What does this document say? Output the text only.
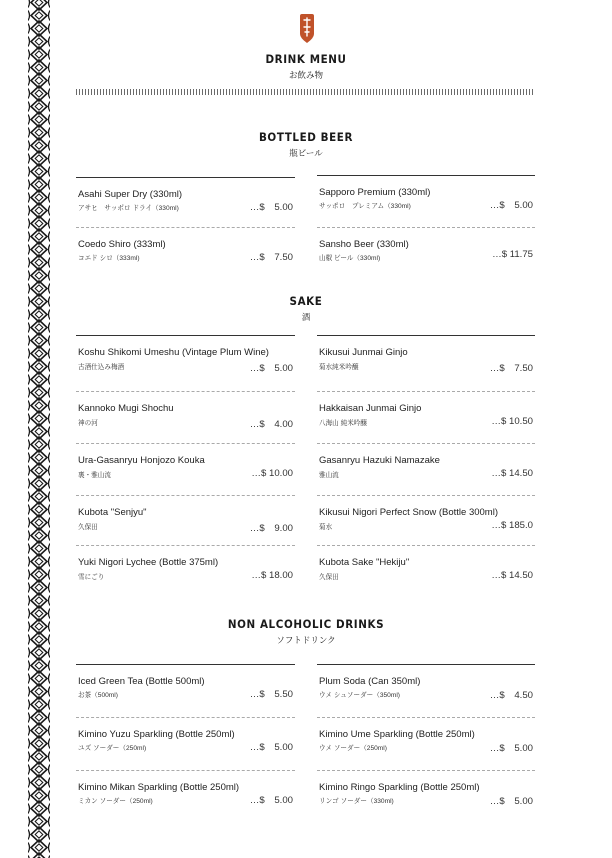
DRINK MENU
お飲み物
BOTTLED BEER
瓶ビール
Asahi Super Dry (330ml)
アサヒ　サッポロ ドライ（330ml)	…$　5.00
Coedo Shiro (333ml)
コエド シロ（333ml)	…$　7.50
Sapporo Premium (330ml)
サッポロ　プレミアム（330ml)	…$　5.00
Sansho Beer (330ml)
山椒 ビール（330ml)	…$ 11.75
SAKE
酒
Koshu Shikomi Umeshu (Vintage Plum Wine)
古酒仕込み梅酒	…$　5.00
Kannoko Mugi Shochu
神の河	…$　4.00
Ura-Gasanryu Honjozo Kouka
裏・雅山流	…$ 10.00
Kubota "Senjyu"
久保田	…$　9.00
Yuki Nigori Lychee (Bottle 375ml)
雪にごり	…$ 18.00
Kikusui Junmai Ginjo
菊水純米吟醸	…$　7.50
Hakkaisan Junmai Ginjo
八海山 純米吟醸	…$ 10.50
Gasanryu Hazuki Namazake
雅山流	…$ 14.50
Kikusui Nigori Perfect Snow (Bottle 300ml)
菊水	…$ 185.0
Kubota Sake "Hekiju"
久保田	…$ 14.50
NON ALCOHOLIC DRINKS
ソフトドリンク
Iced Green Tea (Bottle 500ml)
お茶（500ml)	…$　5.50
Kimino Yuzu Sparkling (Bottle 250ml)
ユズ ソーダー（250ml)	…$　5.00
Kimino Mikan Sparkling (Bottle 250ml)
ミカン ソーダー（250ml)	…$　5.00
Plum Soda (Can 350ml)
ウメ シュソーダー（350ml)	…$　4.50
Kimino Ume Sparkling (Bottle 250ml)
ウメ ソーダー（250ml)	…$　5.00
Kimino Ringo Sparkling (Bottle 250ml)
リンゴ ソーダー（330ml)	…$　5.00
